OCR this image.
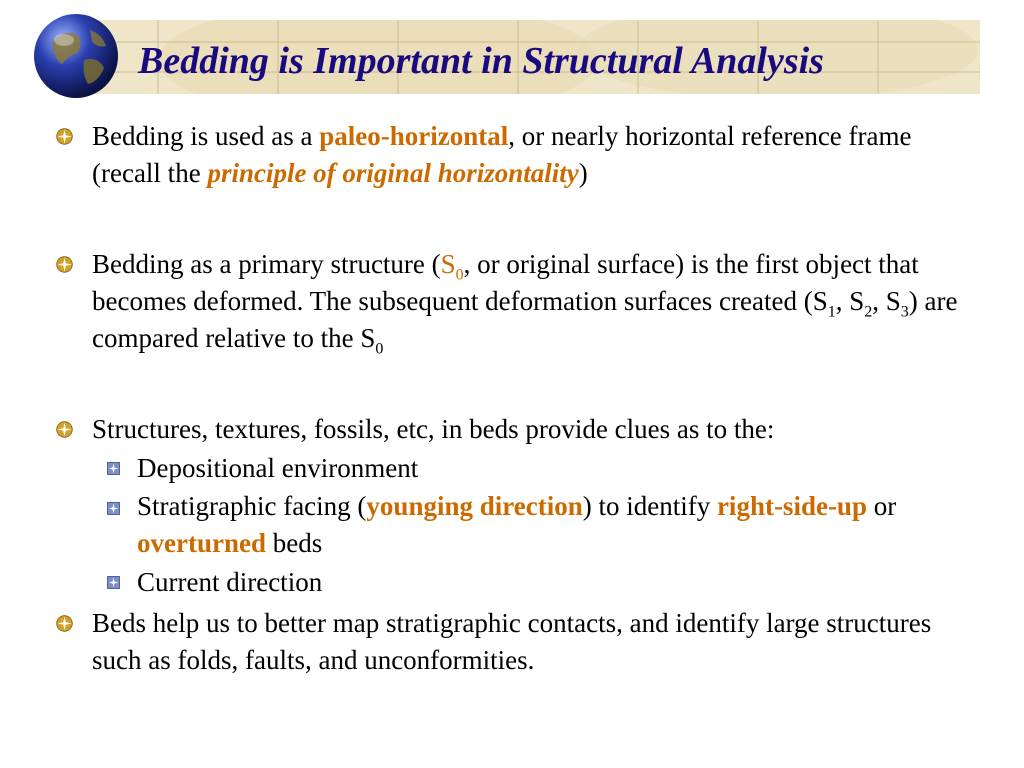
Bedding is Important in Structural Analysis
Bedding is used as a paleo-horizontal, or nearly horizontal reference frame (recall the principle of original horizontality)
Bedding as a primary structure ($S_0$, or original surface) is the first object that becomes deformed. The subsequent deformation surfaces created ($S_1$, $S_2$, $S_3$) are compared relative to the $S_0$
Structures, textures, fossils, etc, in beds provide clues as to the:
Depositional environment
Stratigraphic facing (younging direction) to identify right-side-up or overturned beds
Current direction
Beds help us to better map stratigraphic contacts, and identify large structures such as folds, faults, and unconformities.
